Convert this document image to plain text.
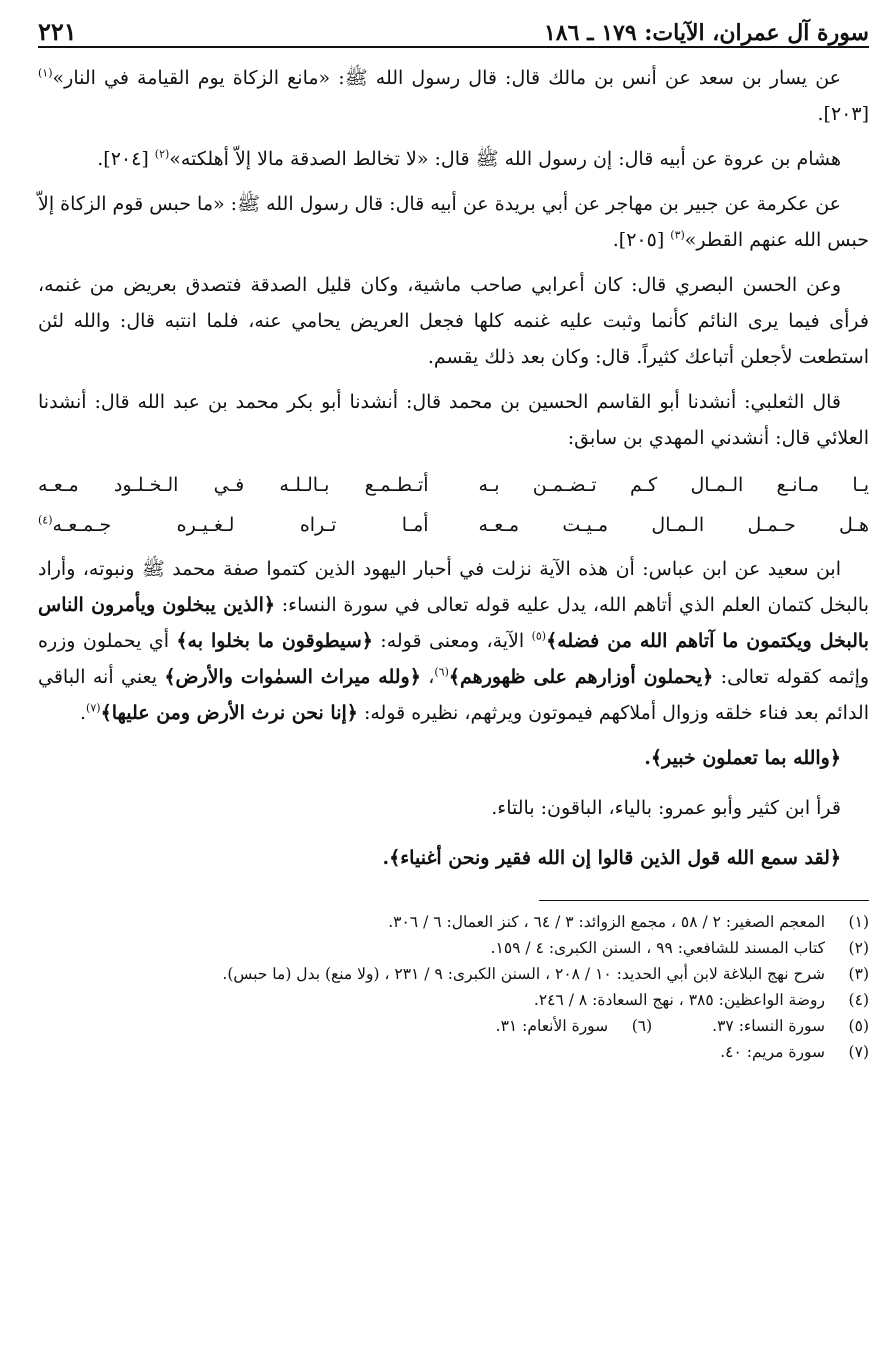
سورة آل عمران، الآيات: ١٧٩ ـ ١٨٦
٢٢١

عن يسار بن سعد عن أنس بن مالك قال: قال رسول الله ﷺ: «مانع الزكاة يوم القيامة في النار»$^{(١)}$ [٢٠٣].

هشام بن عروة عن أبيه قال: إن رسول الله ﷺ قال: «لا تخالط الصدقة مالا إلاّ أهلكته»$^{(٢)}$ [٢٠٤].

عن عكرمة عن جبير بن مهاجر عن أبي بريدة عن أبيه قال: قال رسول الله ﷺ: «ما حبس قوم الزكاة إلاّ حبس الله عنهم القطر»$^{(٣)}$ [٢٠٥].

وعن الحسن البصري قال: كان أعرابي صاحب ماشية، وكان قليل الصدقة فتصدق بعريض من غنمه، فرأى فيما يرى النائم كأنما وثبت عليه غنمه كلها فجعل العريض يحامي عنه، فلما انتبه قال: والله لئن استطعت لأجعلن أتباعك كثيراً. قال: وكان بعد ذلك يقسم.

قال الثعلبي: أنشدنا أبو القاسم الحسين بن محمد قال: أنشدنا أبو بكر محمد بن عبد الله قال: أنشدنا العلائي قال: أنشدني المهدي بن سابق:

يـا مـانـع الـمـال كـم تـضـمـن بـه
أتـطـمـع بـالـلـه فـي الـخـلـود مـعـه
هـل حـمـل الـمـال مـيـت مـعـه
أمـا تـراه لـغـيـره جـمـعـه$^{(٤)}$

ابن سعيد عن ابن عباس: أن هذه الآية نزلت في أحبار اليهود الذين كتموا صفة محمد ﷺ ونبوته، وأراد بالبخل كتمان العلم الذي أتاهم الله، يدل عليه قوله تعالى في سورة النساء: ﴿الذين يبخلون ويأمرون الناس بالبخل ويكتمون ما آتاهم الله من فضله﴾$^{(٥)}$ الآية، ومعنى قوله: ﴿سيطوقون ما بخلوا به﴾ أي يحملون وزره وإثمه كقوله تعالى: ﴿يحملون أوزارهم على ظهورهم﴾$^{(٦)}$، ﴿ولله ميراث السمٰوات والأرض﴾ يعني أنه الباقي الدائم بعد فناء خلقه وزوال أملاكهم فيموتون ويرثهم، نظيره قوله: ﴿إنا نحن نرث الأرض ومن عليها﴾$^{(٧)}$.

﴿والله بما تعملون خبير﴾.

قرأ ابن كثير وأبو عمرو: بالياء، الباقون: بالتاء.

﴿لقد سمع الله قول الذين قالوا إن الله فقير ونحن أغنياء﴾.

(١)
المعجم الصغير: ٢ / ٥٨ ، مجمع الزوائد: ٣ / ٦٤ ، كنز العمال: ٦ / ٣٠٦.
(٢)
كتاب المسند للشافعي: ٩٩ ، السنن الكبرى: ٤ / ١٥٩.
(٣)
شرح نهج البلاغة لابن أبي الحديد: ١٠ / ٢٠٨ ، السنن الكبرى: ٩ / ٢٣١ ، (ولا منع) بدل (ما حبس).
(٤)
روضة الواعظين: ٣٨٥ ، نهج السعادة: ٨ / ٢٤٦.
(٥)
سورة النساء: ٣٧.
(٦)
سورة الأنعام: ٣١.
(٧)
سورة مريم: ٤٠.
